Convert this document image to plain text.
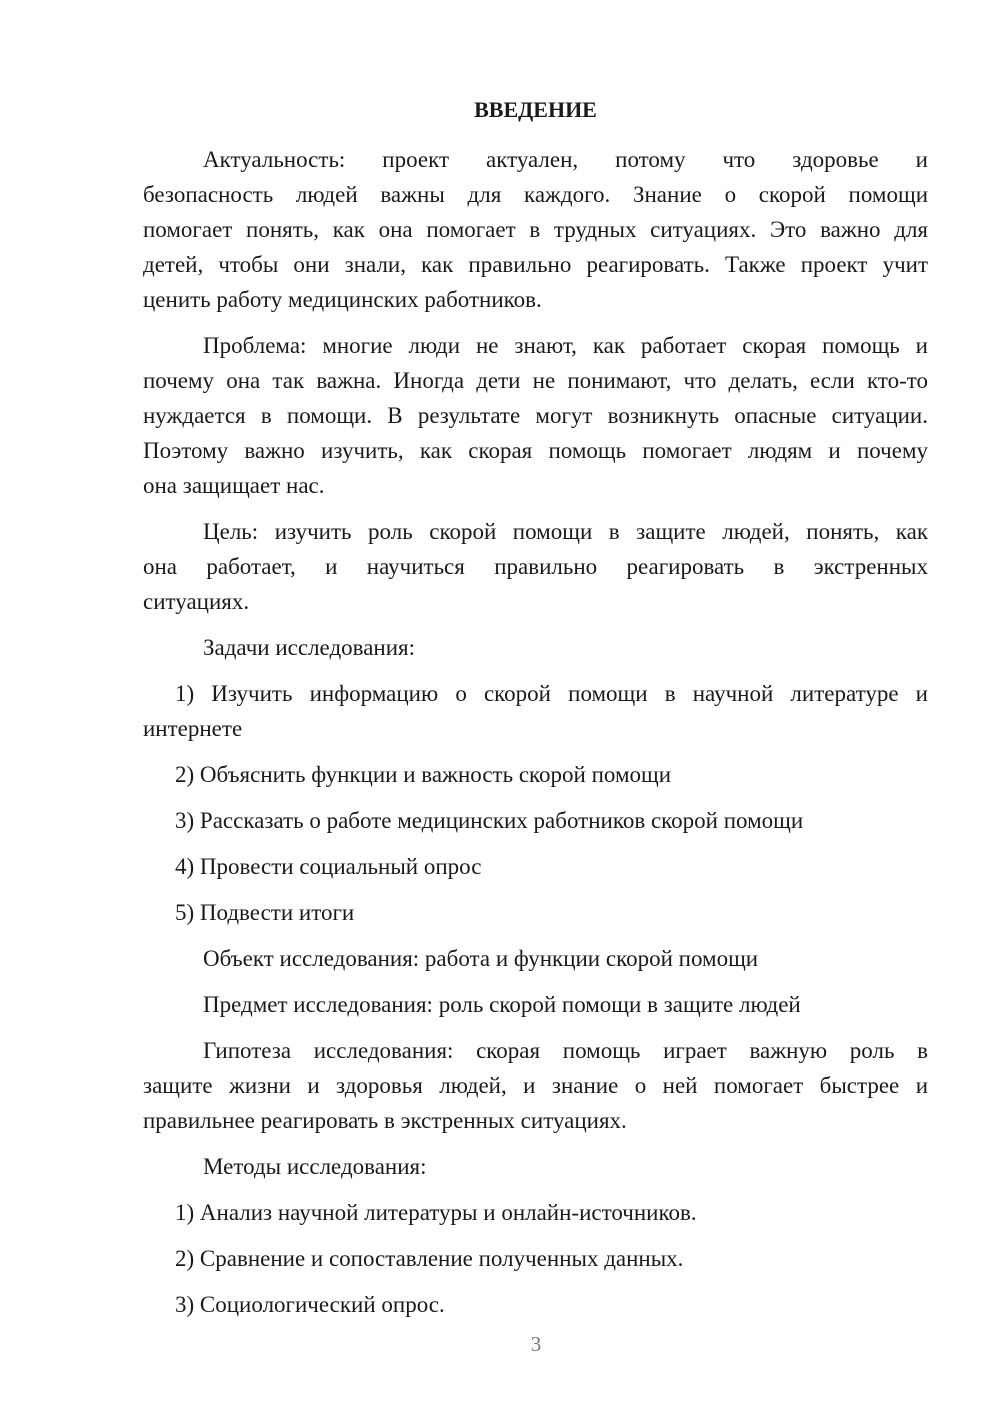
ВВЕДЕНИЕ
Актуальность: проект актуален, потому что здоровье и
безопасность людей важны для каждого. Знание о скорой помощи
помогает понять, как она помогает в трудных ситуациях. Это важно для
детей, чтобы они знали, как правильно реагировать. Также проект учит
ценить работу медицинских работников.
Проблема: многие люди не знают, как работает скорая помощь и
почему она так важна. Иногда дети не понимают, что делать, если кто-то
нуждается в помощи. В результате могут возникнуть опасные ситуации.
Поэтому важно изучить, как скорая помощь помогает людям и почему
она защищает нас.
Цель: изучить роль скорой помощи в защите людей, понять, как
она работает, и научиться правильно реагировать в экстренных
ситуациях.
Задачи исследования:
1) Изучить информацию о скорой помощи в научной литературе и
интернете
2) Объяснить функции и важность скорой помощи
3) Рассказать о работе медицинских работников скорой помощи
4) Провести социальный опрос
5) Подвести итоги
Объект исследования: работа и функции скорой помощи
Предмет исследования: роль скорой помощи в защите людей
Гипотеза исследования: скорая помощь играет важную роль в
защите жизни и здоровья людей, и знание о ней помогает быстрее и
правильнее реагировать в экстренных ситуациях.
Методы исследования:
1) Анализ научной литературы и онлайн-источников.
2) Сравнение и сопоставление полученных данных.
3) Социологический опрос.
3
